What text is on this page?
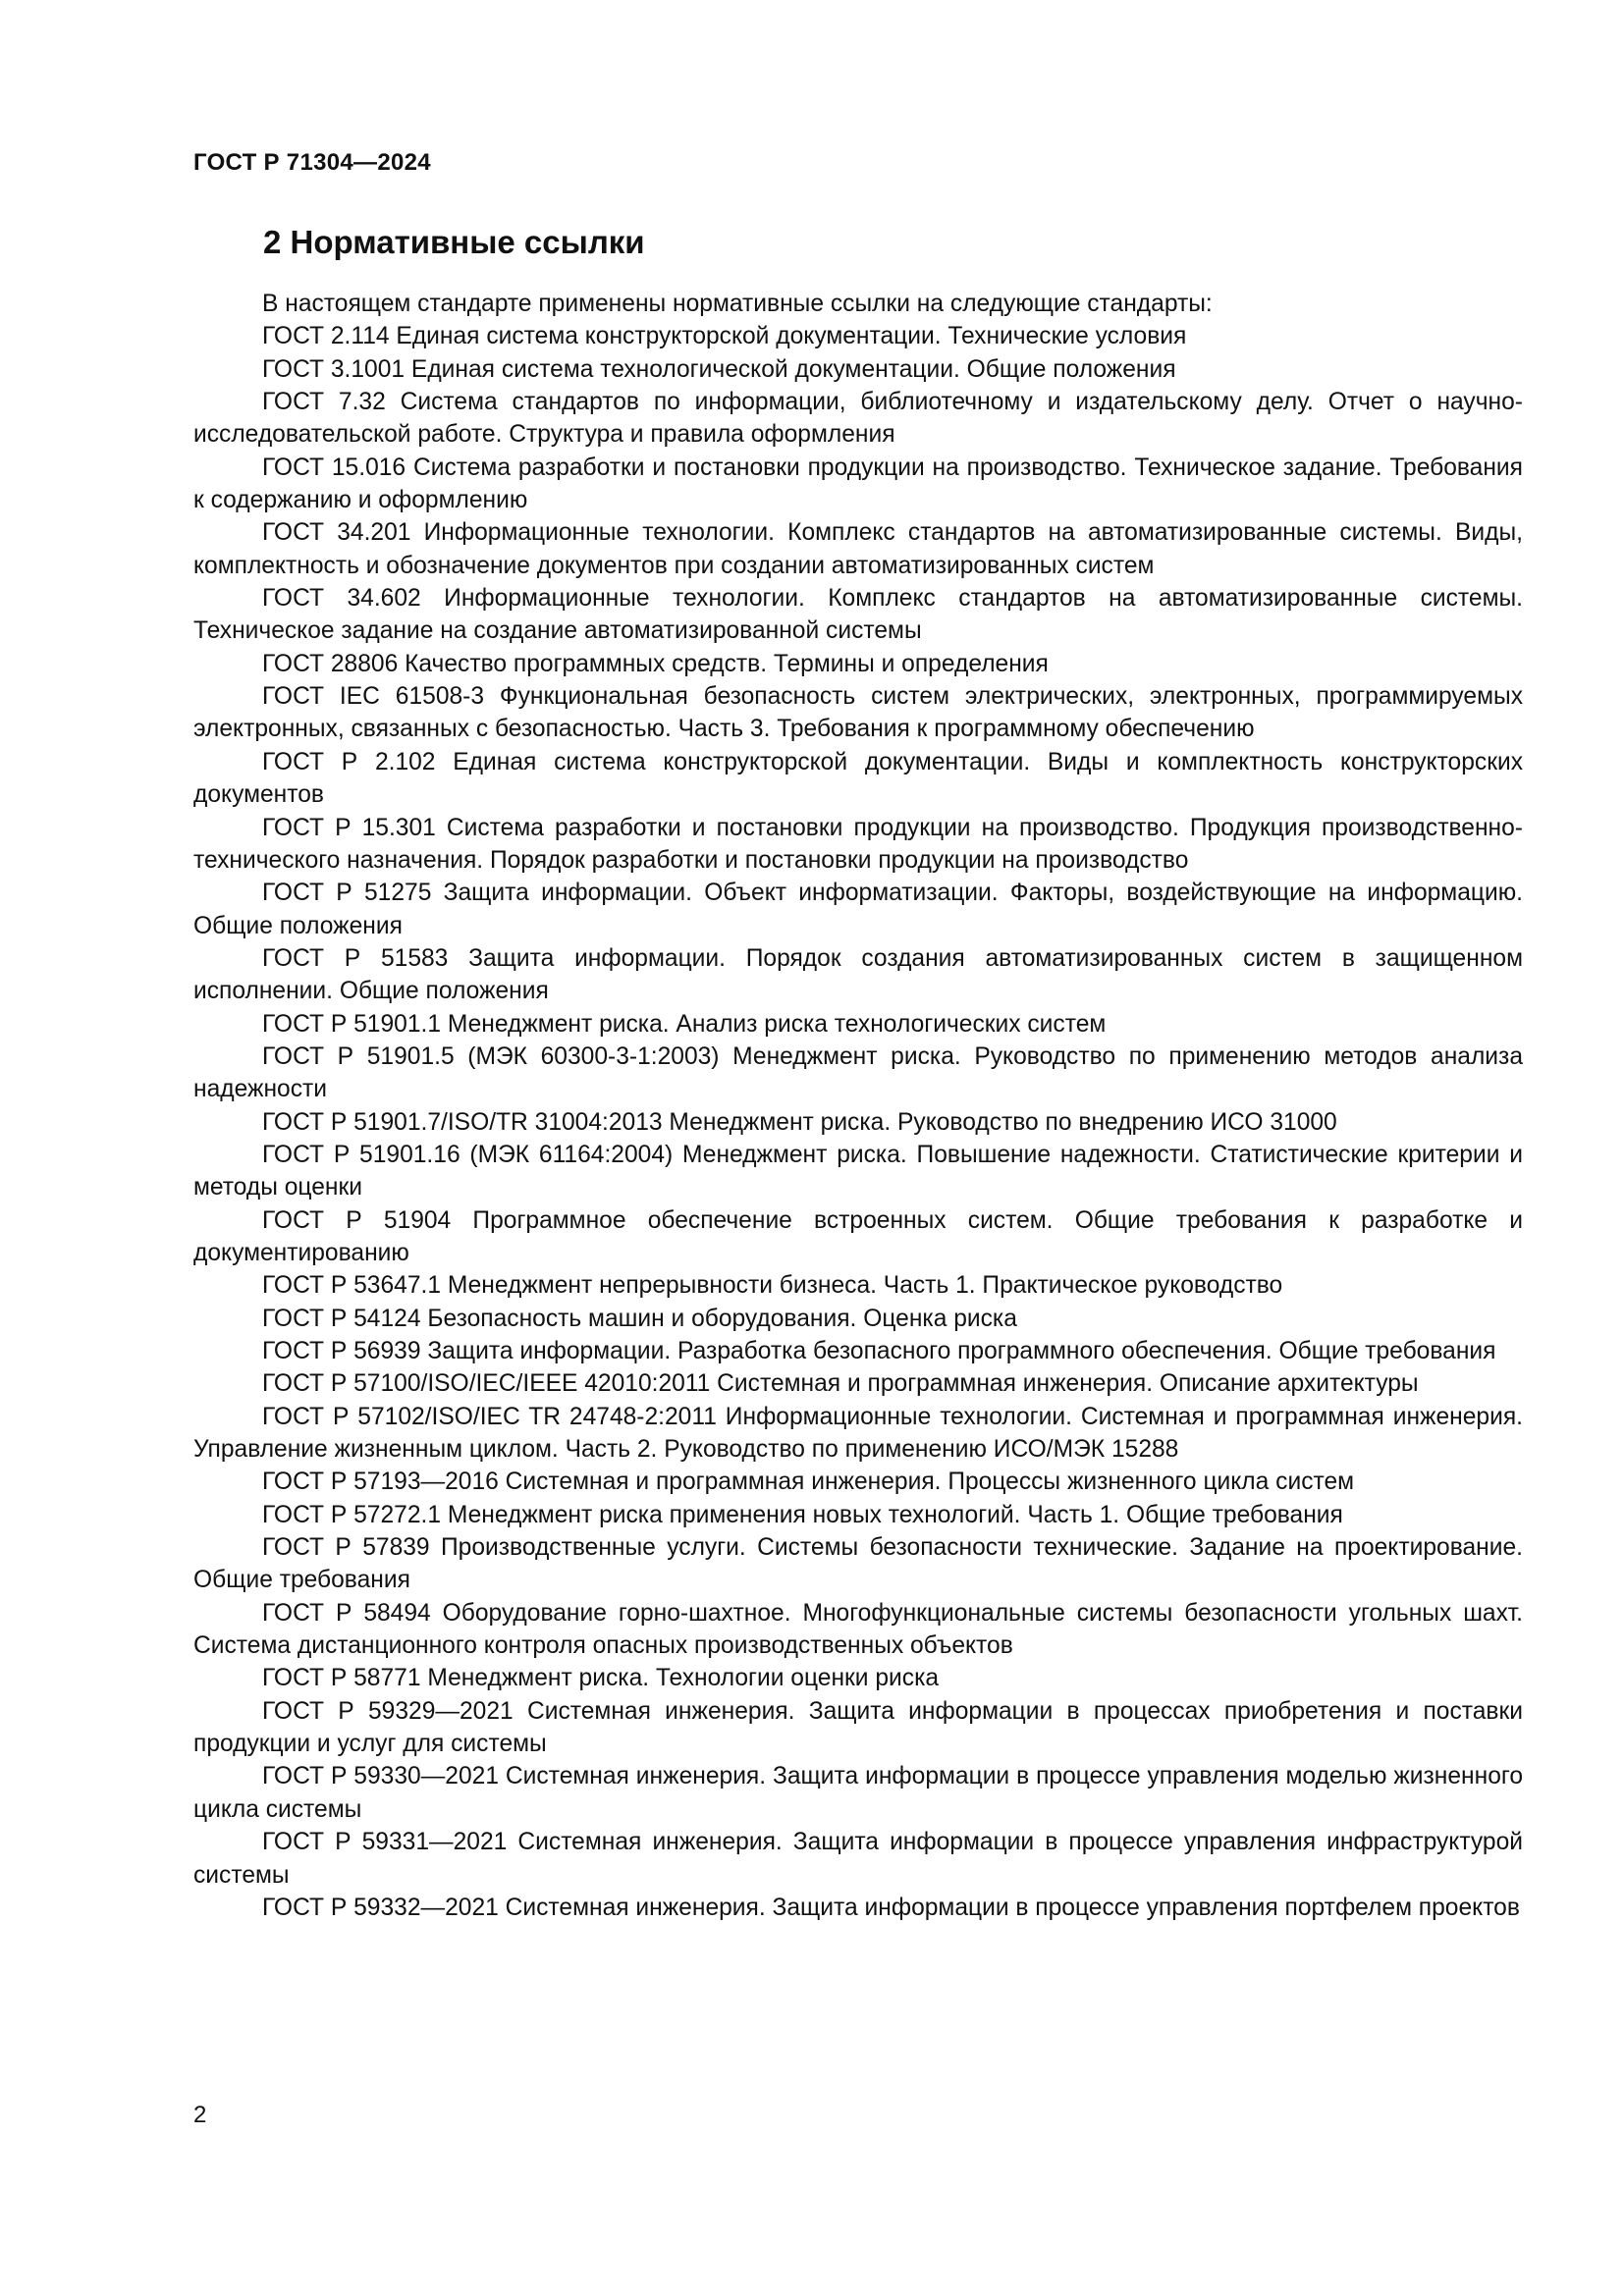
ГОСТ Р 71304—2024
2 Нормативные ссылки

В настоящем стандарте применены нормативные ссылки на следующие стандарты:

ГОСТ 2.114 Единая система конструкторской документации. Технические условия

ГОСТ 3.1001 Единая система технологической документации. Общие положения

ГОСТ 7.32 Система стандартов по информации, библиотечному и издательскому делу. Отчет о научно-исследовательской работе. Структура и правила оформления

ГОСТ 15.016 Система разработки и постановки продукции на производство. Техническое задание. Требования к содержанию и оформлению

ГОСТ 34.201 Информационные технологии. Комплекс стандартов на автоматизированные системы. Виды, комплектность и обозначение документов при создании автоматизированных систем

ГОСТ 34.602 Информационные технологии. Комплекс стандартов на автоматизированные системы. Техническое задание на создание автоматизированной системы

ГОСТ 28806 Качество программных средств. Термины и определения

ГОСТ IEC 61508-3 Функциональная безопасность систем электрических, электронных, программируемых электронных, связанных с безопасностью. Часть 3. Требования к программному обеспечению

ГОСТ Р 2.102 Единая система конструкторской документации. Виды и комплектность конструкторских документов

ГОСТ Р 15.301 Система разработки и постановки продукции на производство. Продукция производственно-технического назначения. Порядок разработки и постановки продукции на производство

ГОСТ Р 51275 Защита информации. Объект информатизации. Факторы, воздействующие на информацию. Общие положения

ГОСТ Р 51583 Защита информации. Порядок создания автоматизированных систем в защищенном исполнении. Общие положения

ГОСТ Р 51901.1 Менеджмент риска. Анализ риска технологических систем

ГОСТ Р 51901.5 (МЭК 60300-3-1:2003) Менеджмент риска. Руководство по применению методов анализа надежности

ГОСТ Р 51901.7/ISO/TR 31004:2013 Менеджмент риска. Руководство по внедрению ИСО 31000

ГОСТ Р 51901.16 (МЭК 61164:2004) Менеджмент риска. Повышение надежности. Статистические критерии и методы оценки

ГОСТ Р 51904 Программное обеспечение встроенных систем. Общие требования к разработке и документированию

ГОСТ Р 53647.1 Менеджмент непрерывности бизнеса. Часть 1. Практическое руководство

ГОСТ Р 54124 Безопасность машин и оборудования. Оценка риска

ГОСТ Р 56939 Защита информации. Разработка безопасного программного обеспечения. Общие требования

ГОСТ Р 57100/ISO/IEC/IEEE 42010:2011 Системная и программная инженерия. Описание архитектуры

ГОСТ Р 57102/ISO/IEC TR 24748-2:2011 Информационные технологии. Системная и программная инженерия. Управление жизненным циклом. Часть 2. Руководство по применению ИСО/МЭК 15288

ГОСТ Р 57193—2016 Системная и программная инженерия. Процессы жизненного цикла систем

ГОСТ Р 57272.1 Менеджмент риска применения новых технологий. Часть 1. Общие требования

ГОСТ Р 57839 Производственные услуги. Системы безопасности технические. Задание на проектирование. Общие требования

ГОСТ Р 58494 Оборудование горно-шахтное. Многофункциональные системы безопасности угольных шахт. Система дистанционного контроля опасных производственных объектов

ГОСТ Р 58771 Менеджмент риска. Технологии оценки риска

ГОСТ Р 59329—2021 Системная инженерия. Защита информации в процессах приобретения и поставки продукции и услуг для системы

ГОСТ Р 59330—2021 Системная инженерия. Защита информации в процессе управления моделью жизненного цикла системы

ГОСТ Р 59331—2021 Системная инженерия. Защита информации в процессе управления инфраструктурой системы

ГОСТ Р 59332—2021 Системная инженерия. Защита информации в процессе управления портфелем проектов

2
